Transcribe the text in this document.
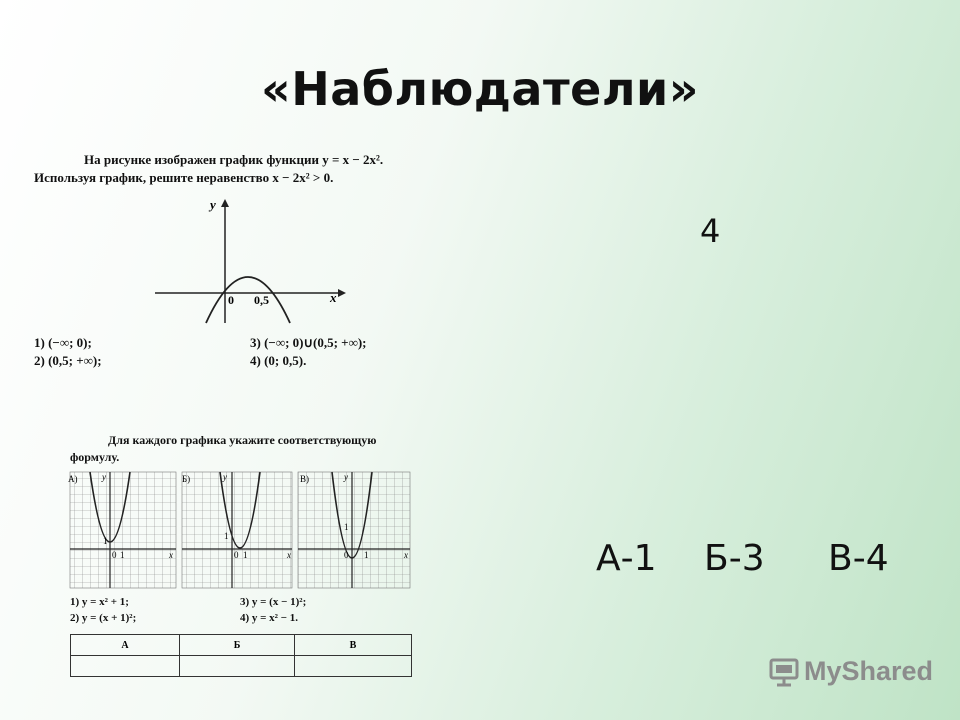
«Наблюдатели»
На рисунке изображен график функции y = x − 2x².
Используя график, решите неравенство x − 2x² > 0.
y
x
0 0,5
1) (−∞; 0);
2) (0,5; +∞);
3) (−∞; 0)∪(0,5; +∞);
4) (0; 0,5).
4
Для каждого графика укажите соответствующую
формулу.
А)	y
1
0 1	x
Б)	y
1
0 1	x
В)	y
1
0 1	x
1) y = x² + 1;
2) y = (x + 1)²;
3) y = (x − 1)²;
4) y = x² − 1.
А	Б	В

А-1 Б-3 В-4
MyShared
